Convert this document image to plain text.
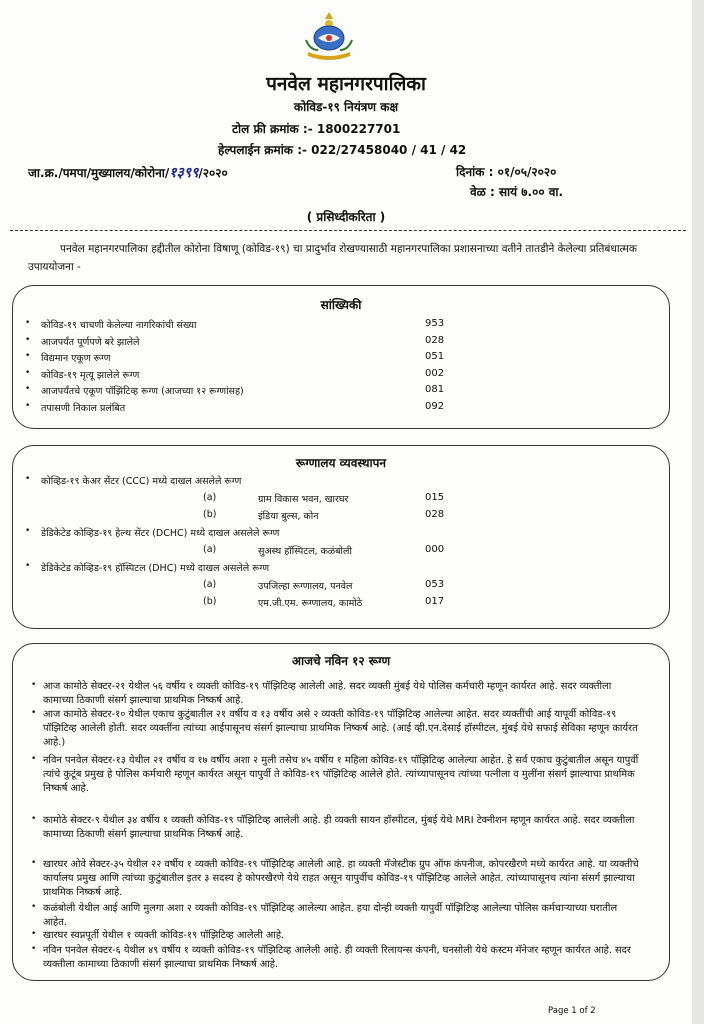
पनवेल महानगरपालिका
कोविड-१९ नियंत्रण कक्ष
टोल फ्री क्रमांक :- 1800227701
हेल्पलाईन क्रमांक :- 022/27458040 / 41 / 42
जा.क्र./पमपा/मुख्यालय/कोरोना/१३९९/२०२०	दिनांक : ०१/०५/२०२०
वेळ : सायं ७.०० वा.
( प्रसिध्दीकरिता )
पनवेल महानगरपालिका हद्दीतील कोरोना विषाणू (कोविड-१९) चा प्रादुर्भाव रोखण्यासाठी महानगरपालिका प्रशासनाच्या वतीने तातडीने केलेल्या प्रतिबंधात्मक उपाययोजना -
सांख्यिकी
• कोविड-१९ चाचणी केलेल्या नागरिकांची संख्या	953
• आजपर्यंत पूर्णपणे बरे झालेले	028
• विद्यमान एकूण रूग्ण	051
• कोविड-१९ मृत्यू झालेले रूग्ण	002
• आजपर्यंतचे एकूण पॉझिटिव्ह रूग्ण (आजच्या १२ रूग्णांसह)	081
• तपासणी निकाल प्रलंबित	092
रूग्णालय व्यवस्थापन
• कोव्हिड-१९ केअर सेंटर (CCC) मध्ये दाखल असलेले रूग्ण
(a)	ग्राम विकास भवन, खारघर	015
(b)	इंडिया बुल्स, कोन	028
• डेडिकेटेड कोव्हिड-१९ हेल्थ सेंटर (DCHC) मध्ये दाखल असलेले रूग्ण
(a)	सुअस्थ हॉस्पिटल, कळंबोली	000
• डेडिकेटेड कोव्हिड-१९ हॉस्पिटल (DHC) मध्ये दाखल असलेले रूग्ण
(a)	उपजिल्हा रूग्णालय, पनवेल	053
(b)	एम.जी.एम. रूग्णालय, कामोठे	017
आजचे नविन १२ रूग्ण
• आज कामोठे सेक्टर-२१ येथील ५६ वर्षीय १ व्यक्ती कोविड-१९ पॉझिटिव्ह आलेली आहे. सदर व्यक्ती मुंबई येथे पोलिस कर्मचारी म्हणून कार्यरत आहे. सदर व्यक्तीला कामाच्या ठिकाणी संसर्ग झाल्याचा प्राथमिक निष्कर्ष आहे.
• आज कामोठे सेक्टर-१० येथील एकाच कुटुंबातील २१ वर्षीय व १३ वर्षीय असे २ व्यक्ती कोविड-१९ पॉझिटिव्ह आलेल्या आहेत. सदर व्यक्तींची आई यापूर्वी कोविड-१९ पॉझिटिव्ह आलेली होती. सदर व्यक्तींना त्यांच्या आईपासूनच संसर्ग झाल्याचा प्राथमिक निष्कर्ष आहे. (आई व्ही.एन.देसाई हॉस्पीटल, मुंबई येथे सफाई सेविका म्हणून कार्यरत आहे.)
• नविन पनवेल सेक्टर-१३ येथील २१ वर्षीय व १७ वर्षीय अशा २ मुली तसेच ४५ वर्षीय १ महिला कोविड-१९ पॉझिटिव्ह आलेल्या आहेत. हे सर्व एकाच कुटुंबातील असून यापुर्वी त्यांचे कुटूंब प्रमुख हे पोलिस कर्मचारी म्हणून कार्यरत असून यापुर्वी ते कोविड-१९ पॉझिटिव्ह आलेले होते. त्यांच्यापासूनच त्यांच्या पत्नीला व मुलींना संसर्ग झाल्याचा प्राथमिक निष्कर्ष आहे.
• कामोठे सेक्टर-९ येथील ३४ वर्षीय १ व्यक्ती कोविड-१९ पॉझिटिव्ह आलेली आहे. ही व्यक्ती सायन हॉस्पीटल, मुंबई येथे MRI टेक्नीशन म्हणून कार्यरत आहे. सदर व्यक्तीला कामाच्या ठिकाणी संसर्ग झाल्याचा प्राथमिक निष्कर्ष आहे.
• खारघर ओवे सेक्टर-३५ येथील २२ वर्षीय १ व्यक्ती कोविड-१९ पॉझिटिव्ह आलेली आहे. हा व्यक्ती मॅजेस्टीक ग्रुप ऑफ कंपनीज, कोपरखैरणे मध्ये कार्यरत आहे. या व्यक्तीचे कार्यालय प्रमुख आणि त्यांच्या कुटुंबातील इतर ३ सदस्य हे कोपरखैरणे येथे राहत असून यापुर्वीच कोविड-१९ पॉझिटिव्ह आलेले आहेत. त्यांच्यापासूनच त्यांना संसर्ग झाल्याचा प्राथमिक निष्कर्ष आहे.
• कळंबोली येथील आई आणि मुलगा अशा २ व्यक्ती कोविड-१९ पॉझिटिव्ह आलेल्या आहेत. हया दोन्ही व्यक्ती यापुर्वी पॉझिटिव्ह आलेल्या पोलिस कर्मचाऱ्याच्या घरातील आहेत.
• खारघर स्वप्नपूर्ती येथील १ व्यक्ती कोविड-१९ पॉझिटिव्ह आलेली आहे.
• नविन पनवेल सेक्टर-६ येथील ४९ वर्षीय १ व्यक्ती कोविड-१९ पॉझिटिव्ह आलेली आहे. ही व्यक्ती रिलायन्स कंपनी, घनसोली येथे कस्टम मॅनेजर म्हणून कार्यरत आहे. सदर व्यक्तीला कामाच्या ठिकाणी संसर्ग झाल्याचा प्राथमिक निष्कर्ष आहे.
Page 1 of 2
